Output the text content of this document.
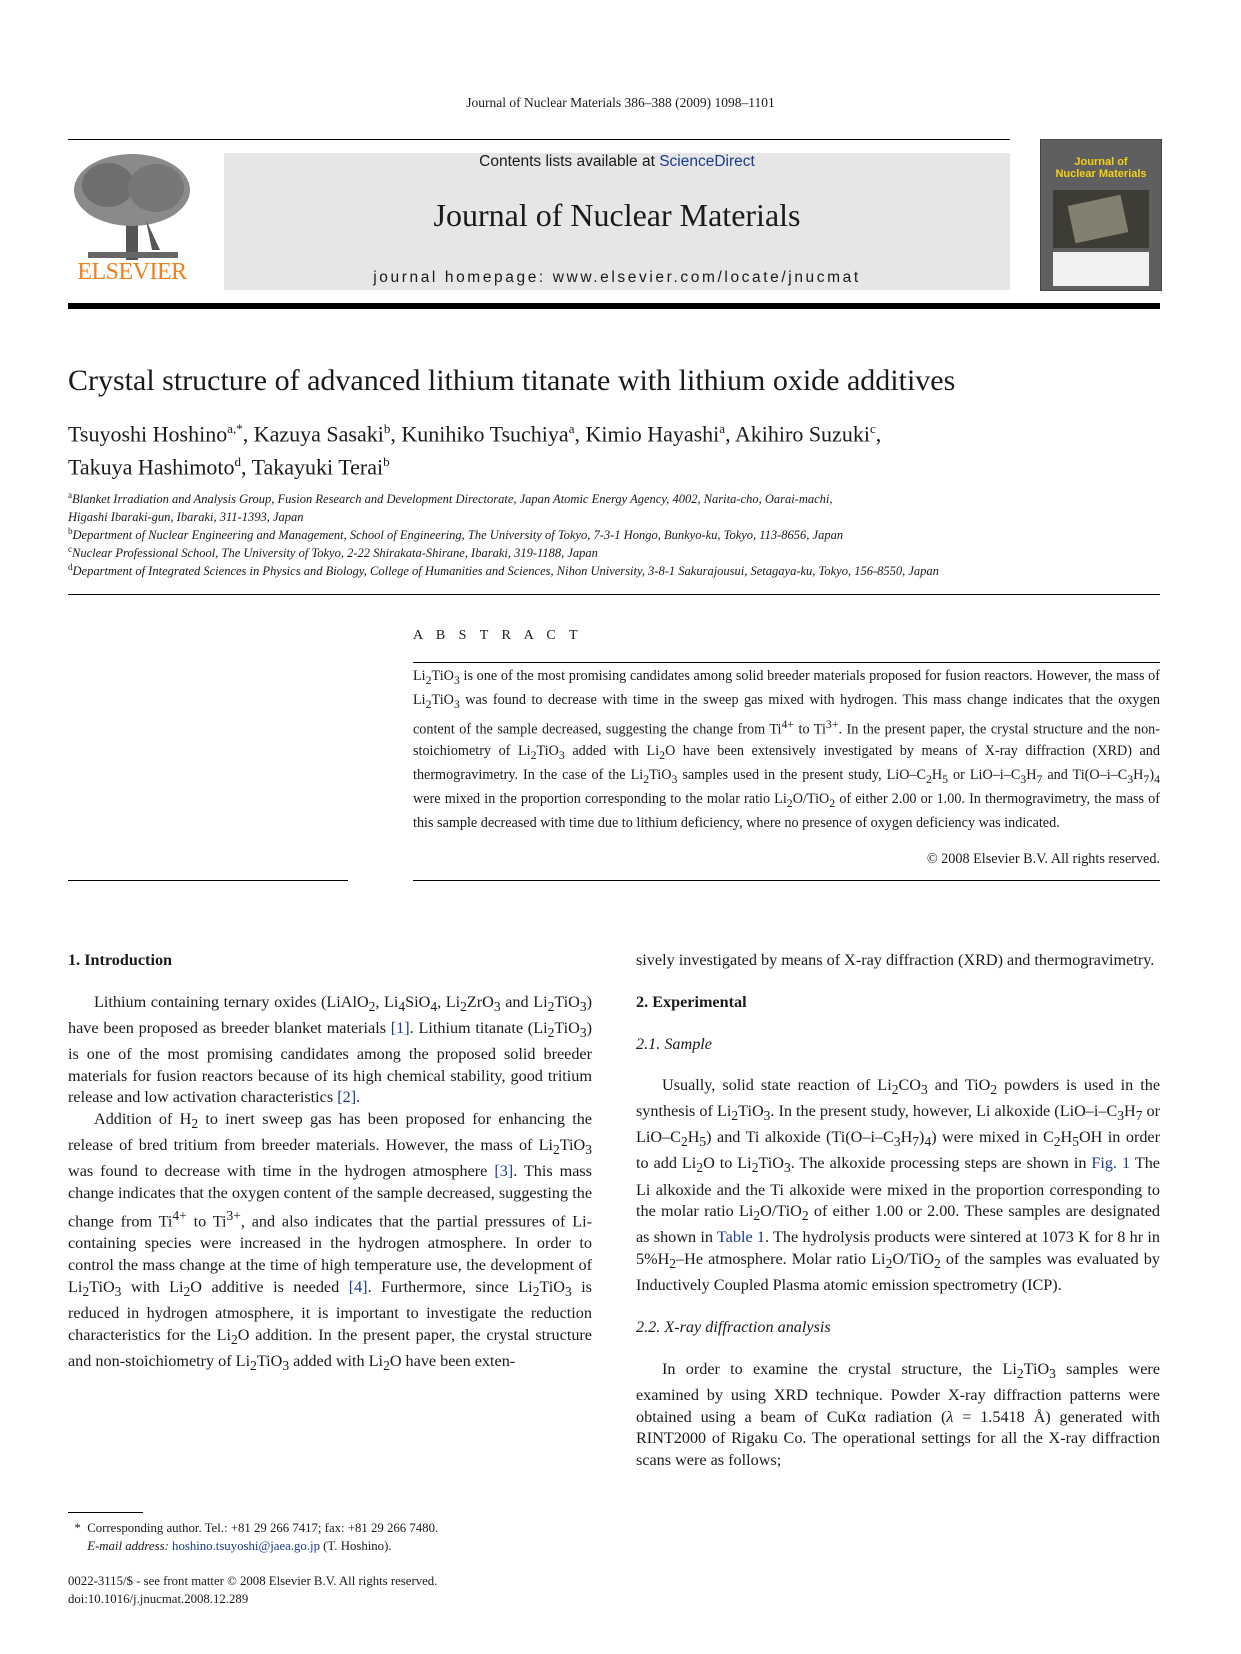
Journal of Nuclear Materials 386–388 (2009) 1098–1101
ELSEVIER
Contents lists available at ScienceDirect
Journal of Nuclear Materials
journal homepage: www.elsevier.com/locate/jnucmat
Journal of
Nuclear Materials
Crystal structure of advanced lithium titanate with lithium oxide additives
Tsuyoshi Hoshino$^{a,*}$, Kazuya Sasaki$^b$, Kunihiko Tsuchiya$^a$, Kimio Hayashi$^a$, Akihiro Suzuki$^c$,
Takuya Hashimoto$^d$, Takayuki Terai$^b$
$^a$Blanket Irradiation and Analysis Group, Fusion Research and Development Directorate, Japan Atomic Energy Agency, 4002, Narita-cho, Oarai-machi,
Higashi Ibaraki-gun, Ibaraki, 311-1393, Japan
$^b$Department of Nuclear Engineering and Management, School of Engineering, The University of Tokyo, 7-3-1 Hongo, Bunkyo-ku, Tokyo, 113-8656, Japan
$^c$Nuclear Professional School, The University of Tokyo, 2-22 Shirakata-Shirane, Ibaraki, 319-1188, Japan
$^d$Department of Integrated Sciences in Physics and Biology, College of Humanities and Sciences, Nihon University, 3-8-1 Sakurajousui, Setagaya-ku, Tokyo, 156-8550, Japan
A B S T R A C T
$Li_2TiO_3$ is one of the most promising candidates among solid breeder materials proposed for fusion reactors. However, the mass of $Li_2TiO_3$ was found to decrease with time in the sweep gas mixed with hydrogen. This mass change indicates that the oxygen content of the sample decreased, suggesting the change from $Ti^{4+}$ to $Ti^{3+}$. In the present paper, the crystal structure and the non-stoichiometry of $Li_2TiO_3$ added with $Li_2O$ have been extensively investigated by means of X-ray diffraction (XRD) and thermogravimetry. In the case of the $Li_2TiO_3$ samples used in the present study, LiO–$C_2H_5$ or LiO–$i-C_3H_7$ and $Ti(O-i-C_3H_7)_4$ were mixed in the proportion corresponding to the molar ratio $Li_2O/TiO_2$ of either 2.00 or 1.00. In thermogravimetry, the mass of this sample decreased with time due to lithium deficiency, where no presence of oxygen deficiency was indicated.
© 2008 Elsevier B.V. All rights reserved.
1. Introduction

Lithium containing ternary oxides (LiAlO$_2$, $Li_4SiO_4$, $Li_2ZrO_3$ and $Li_2TiO_3$) have been proposed as breeder blanket materials [1]. Lithium titanate $(Li_2TiO_3)$ is one of the most promising candidates among the proposed solid breeder materials for fusion reactors because of its high chemical stability, good tritium release and low activation characteristics [2].

Addition of $H_2$ to inert sweep gas has been proposed for enhancing the release of bred tritium from breeder materials. However, the mass of $Li_2TiO_3$ was found to decrease with time in the hydrogen atmosphere [3]. This mass change indicates that the oxygen content of the sample decreased, suggesting the change from $Ti^{4+}$ to $Ti^{3+}$, and also indicates that the partial pressures of Li-containing species were increased in the hydrogen atmosphere. In order to control the mass change at the time of high temperature use, the development of $Li_2TiO_3$ with $Li_2O$ additive is needed [4]. Furthermore, since $Li_2TiO_3$ is reduced in hydrogen atmosphere, it is important to investigate the reduction characteristics for the $Li_2O$ addition. In the present paper, the crystal structure and non-stoichiometry of $Li_2TiO_3$ added with $Li_2O$ have been exten-

sively investigated by means of X-ray diffraction (XRD) and thermogravimetry.

2. Experimental
2.1. Sample

Usually, solid state reaction of $Li_2CO_3$ and TiO$_2$ powders is used in the synthesis of $Li_2TiO_3$. In the present study, however, Li alkoxide ($LiO-i-C_3H_7$ or LiO–$C_2H_5$) and Ti alkoxide $(Ti(O-i-C_3H_7)_4)$ were mixed in $C_2H_5OH$ in order to add $Li_2O$ to $Li_2TiO_3$. The alkoxide processing steps are shown in Fig. 1 The Li alkoxide and the Ti alkoxide were mixed in the proportion corresponding to the molar ratio $Li_2O/TiO_2$ of either 1.00 or 2.00. These samples are designated as shown in Table 1. The hydrolysis products were sintered at 1073 K for 8 hr in $5\%H_2-He$ atmosphere. Molar ratio $Li_2O/TiO_2$ of the samples was evaluated by Inductively Coupled Plasma atomic emission spectrometry (ICP).

2.2. X-ray diffraction analysis

In order to examine the crystal structure, the $Li_2TiO_3$ samples were examined by using XRD technique. Powder X-ray diffraction patterns were obtained using a beam of CuKα radiation (λ = 1.5418 Å) generated with RINT2000 of Rigaku Co. The operational settings for all the X-ray diffraction scans were as follows;

*  Corresponding author. Tel.: +81 29 266 7417; fax: +81 29 266 7480.
E-mail address: hoshino.tsuyoshi@jaea.go.jp (T. Hoshino).
0022-3115/$ - see front matter © 2008 Elsevier B.V. All rights reserved.
doi:10.1016/j.jnucmat.2008.12.289
